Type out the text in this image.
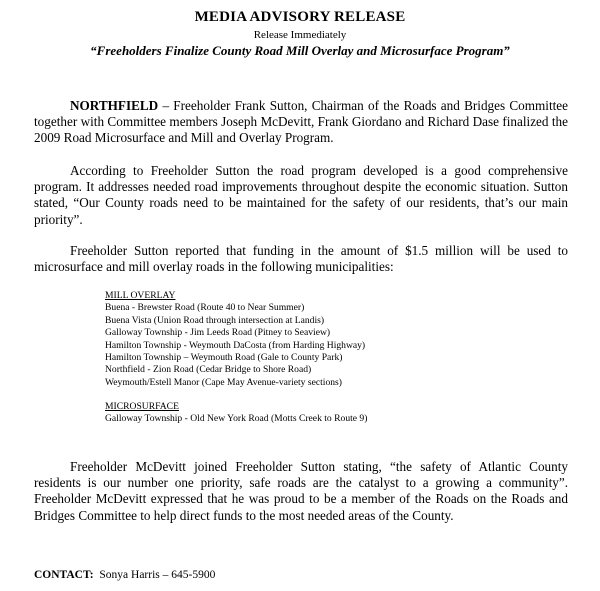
MEDIA ADVISORY RELEASE
Release Immediately
“Freeholders Finalize County Road Mill Overlay and Microsurface Program”

NORTHFIELD – Freeholder Frank Sutton, Chairman of the Roads and Bridges Committee together with Committee members Joseph McDevitt, Frank Giordano and Richard Dase finalized the 2009 Road Microsurface and Mill and Overlay Program.

According to Freeholder Sutton the road program developed is a good comprehensive program. It addresses needed road improvements throughout despite the economic situation. Sutton stated, “Our County roads need to be maintained for the safety of our residents, that’s our main priority”.

Freeholder Sutton reported that funding in the amount of $1.5 million will be used to microsurface and mill overlay roads in the following municipalities:

MILL OVERLAY
Buena - Brewster Road (Route 40 to Near Summer)
Buena Vista (Union Road through intersection at Landis)
Galloway Township - Jim Leeds Road (Pitney to Seaview)
Hamilton Township - Weymouth DaCosta (from Harding Highway)
Hamilton Township – Weymouth Road (Gale to County Park)
Northfield - Zion Road (Cedar Bridge to Shore Road)
Weymouth/Estell Manor (Cape May Avenue-variety sections)
MICROSURFACE
Galloway Township - Old New York Road (Motts Creek to Route 9)

Freeholder McDevitt joined Freeholder Sutton stating, “the safety of Atlantic County residents is our number one priority, safe roads are the catalyst to a growing a community”. Freeholder McDevitt expressed that he was proud to be a member of the Roads on the Roads and Bridges Committee to help direct funds to the most needed areas of the County.

CONTACT: Sonya Harris – 645-5900
